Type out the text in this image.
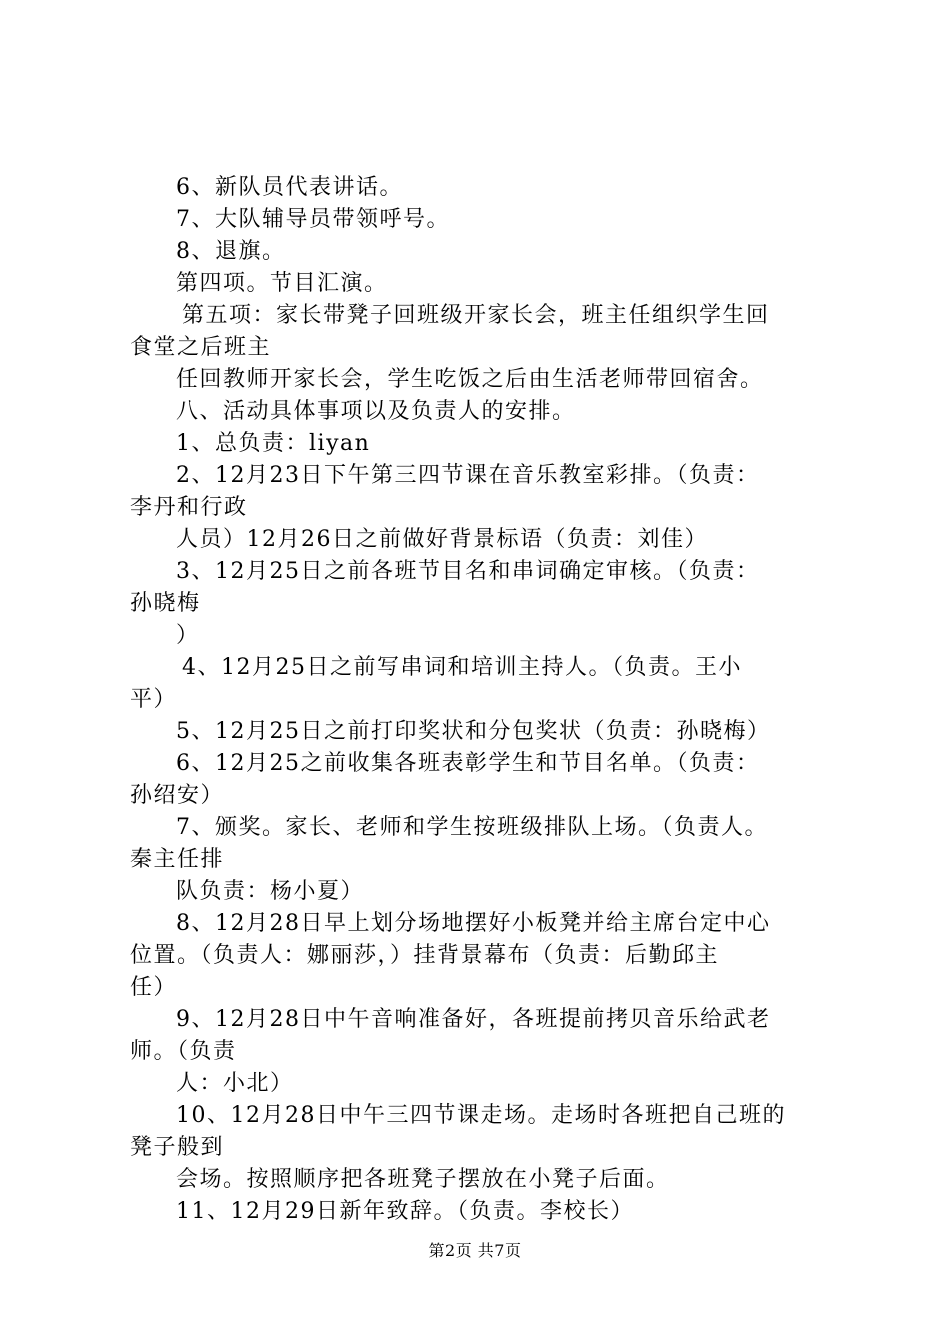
6、新队员代表讲话。

7、大队辅导员带领呼号。

8、退旗。

第四项。节目汇演。

第五项：家长带凳子回班级开家长会，班主任组织学生回

食堂之后班主

任回教师开家长会，学生吃饭之后由生活老师带回宿舍。

八、活动具体事项以及负责人的安排。

1、总负责：liyan

2、12月23日下午第三四节课在音乐教室彩排。（负责：

李丹和行政

人员）12月26日之前做好背景标语（负责：刘佳）

3、12月25日之前各班节目名和串词确定审核。（负责：

孙晓梅

）

4、12月25日之前写串词和培训主持人。（负责。王小

平）

5、12月25日之前打印奖状和分包奖状（负责：孙晓梅）

6、12月25之前收集各班表彰学生和节目名单。（负责：

孙绍安）

7、颁奖。家长、老师和学生按班级排队上场。（负责人。

秦主任排

队负责：杨小夏）

8、12月28日早上划分场地摆好小板凳并给主席台定中心

位置。（负责人：娜丽莎，）挂背景幕布（负责：后勤邱主

任）

9、12月28日中午音响准备好，各班提前拷贝音乐给武老

师。（负责

人：小北）

10、12月28日中午三四节课走场。走场时各班把自己班的

凳子般到

会场。按照顺序把各班凳子摆放在小凳子后面。

11、12月29日新年致辞。（负责。李校长）

第2页 共7页
